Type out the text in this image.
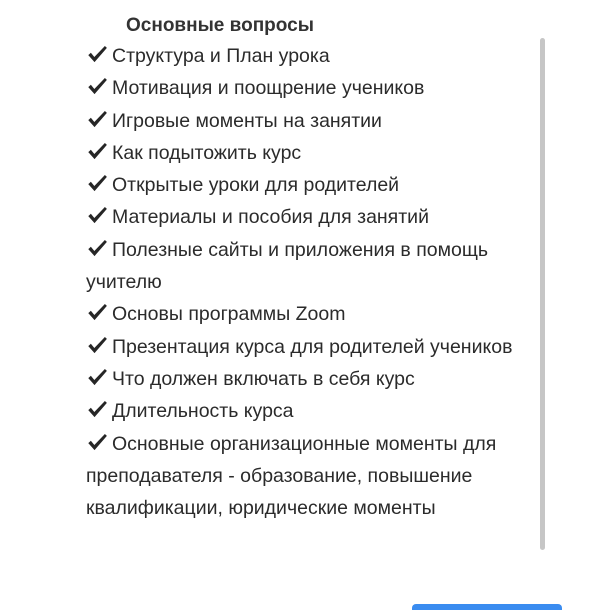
Основные вопросы
Структура и План урока
Мотивация и поощрение учеников
Игровые моменты на занятии
Как подытожить курс
Открытые уроки для родителей
Материалы и пособия для занятий
Полезные сайты и приложения в помощь учителю
Основы программы Zoom
Презентация курса для родителей учеников
Что должен включать в себя курс
Длительность курса
Основные организационные моменты для преподавателя - образование, повышение квалификации, юридические моменты
